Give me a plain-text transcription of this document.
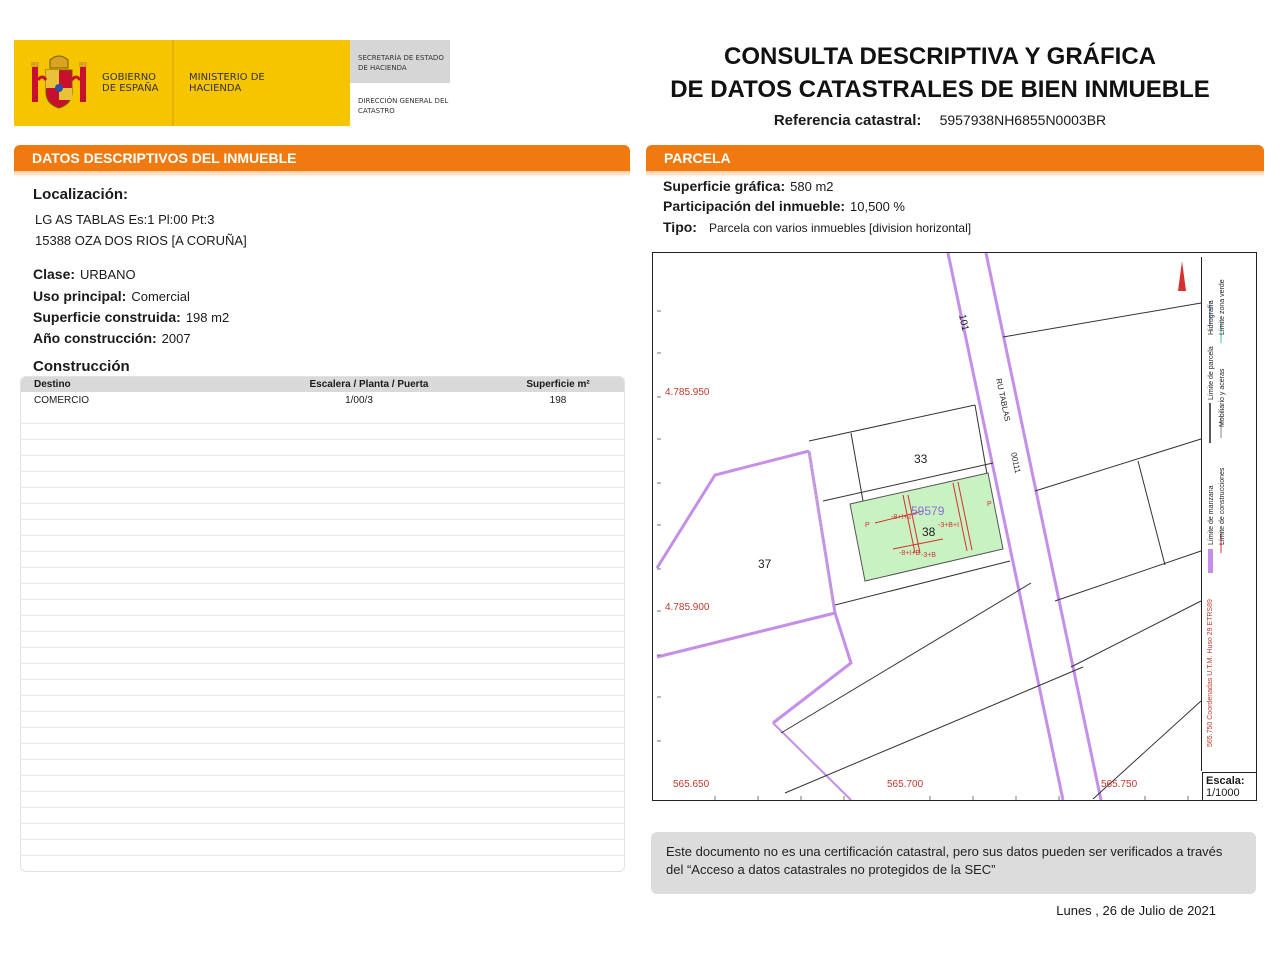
GOBIERNO DE ESPAÑA
MINISTERIO DE HACIENDA
SECRETARÍA DE ESTADO DE HACIENDA
DIRECCIÓN GENERAL DEL CATASTRO
CONSULTA DESCRIPTIVA Y GRÁFICA
DE DATOS CATASTRALES DE BIEN INMUEBLE
Referencia catastral: 5957938NH6855N0003BR
DATOS DESCRIPTIVOS DEL INMUEBLE
Localización:
LG AS TABLAS Es:1 Pl:00 Pt:3
15388 OZA DOS RIOS [A CORUÑA]
Clase: URBANO
Uso principal: Comercial
Superficie construida: 198 m2
Año construcción: 2007
Construcción
Destino	Escalera / Planta / Puerta	Superficie m²
COMERCIO	1/00/3	198
PARCELA
Superficie gráfica: 580 m2
Participación del inmueble: 10,500 %
Tipo: Parcela con varios inmuebles [division horizontal]
-8+I+2
-3+B+I
-8+I+B -3+B
P
P
59579
33
38
37
RU TABLAS
101
00111
4.785.950
4.785.900
565.650	565.700	565.750
Límite de manzana
Límite de parcela
Hidrografía
Límite de construcciones
Mobiliario y aceras
Límite zona verde
565.750 Coordenadas U.T.M. Huso 29 ETRS89
Escala:
1/1000
Este documento no es una certificación catastral, pero sus datos pueden ser verificados a través del “Acceso a datos catastrales no protegidos de la SEC”
Lunes , 26 de Julio de 2021
